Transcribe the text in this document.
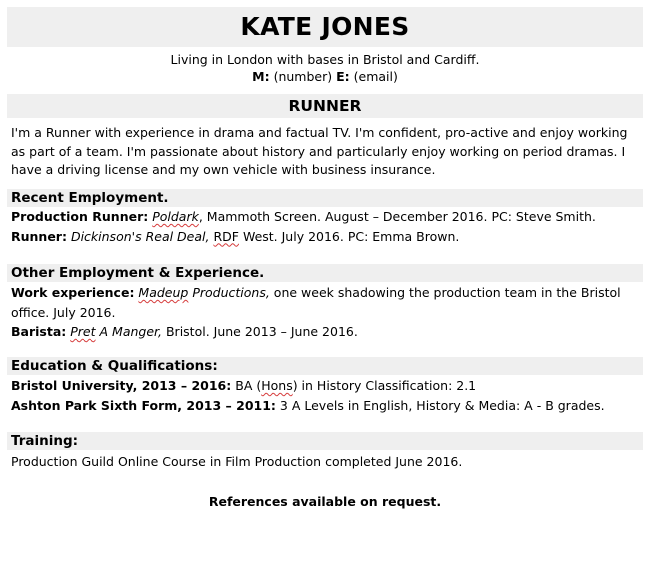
KATE JONES
Living in London with bases in Bristol and Cardiff.
M: (number) E: (email)
RUNNER
I'm a Runner with experience in drama and factual TV. I'm confident, pro-active and enjoy working as part of a team. I'm passionate about history and particularly enjoy working on period dramas. I have a driving license and my own vehicle with business insurance.
Recent Employment.
Production Runner: Poldark, Mammoth Screen. August – December 2016. PC: Steve Smith.
Runner: Dickinson's Real Deal, RDF West. July 2016. PC: Emma Brown.
Other Employment & Experience.
Work experience: Madeup Productions, one week shadowing the production team in the Bristol office. July 2016.
Barista: Pret A Manger, Bristol. June 2013 – June 2016.
Education & Qualifications:
Bristol University, 2013 – 2016: BA (Hons) in History Classification: 2.1
Ashton Park Sixth Form, 2013 – 2011: 3 A Levels in English, History & Media: A - B grades.
Training:
Production Guild Online Course in Film Production completed June 2016.
References available on request.
